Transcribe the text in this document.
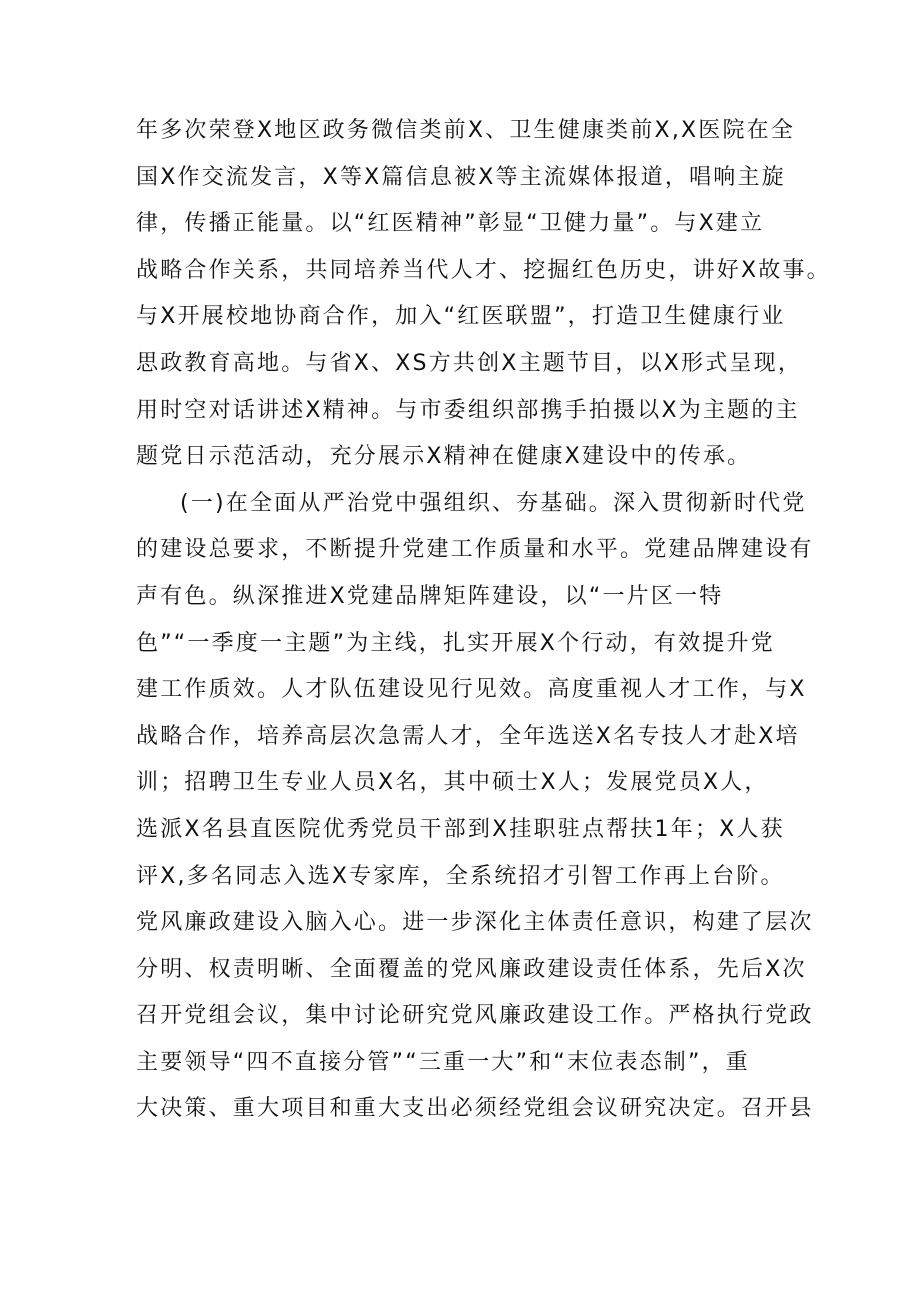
年多次荣登X地区政务微信类前X、卫生健康类前X,X医院在全
国X作交流发言，X等X篇信息被X等主流媒体报道，唱响主旋
律，传播正能量。以“红医精神”彰显“卫健力量”。与X建立
战略合作关系，共同培养当代人才、挖掘红色历史，讲好X故事。
与X开展校地协商合作，加入“红医联盟”，打造卫生健康行业
思政教育高地。与省X、XS方共创X主题节目，以X形式呈现，
用时空对话讲述X精神。与市委组织部携手拍摄以X为主题的主
题党日示范活动，充分展示X精神在健康X建设中的传承。
(一)在全面从严治党中强组织、夯基础。深入贯彻新时代党
的建设总要求，不断提升党建工作质量和水平。党建品牌建设有
声有色。纵深推进X党建品牌矩阵建设，以“一片区一特
色”“一季度一主题”为主线，扎实开展X个行动，有效提升党
建工作质效。人才队伍建设见行见效。高度重视人才工作，与X
战略合作，培养高层次急需人才，全年选送X名专技人才赴X培
训；招聘卫生专业人员X名，其中硕士X人；发展党员X人，
选派X名县直医院优秀党员干部到X挂职驻点帮扶1年；X人获
评X,多名同志入选X专家库，全系统招才引智工作再上台阶。
党风廉政建设入脑入心。进一步深化主体责任意识，构建了层次
分明、权责明晰、全面覆盖的党风廉政建设责任体系，先后X次
召开党组会议，集中讨论研究党风廉政建设工作。严格执行党政
主要领导“四不直接分管”“三重一大”和“末位表态制”，重
大决策、重大项目和重大支出必须经党组会议研究决定。召开县
